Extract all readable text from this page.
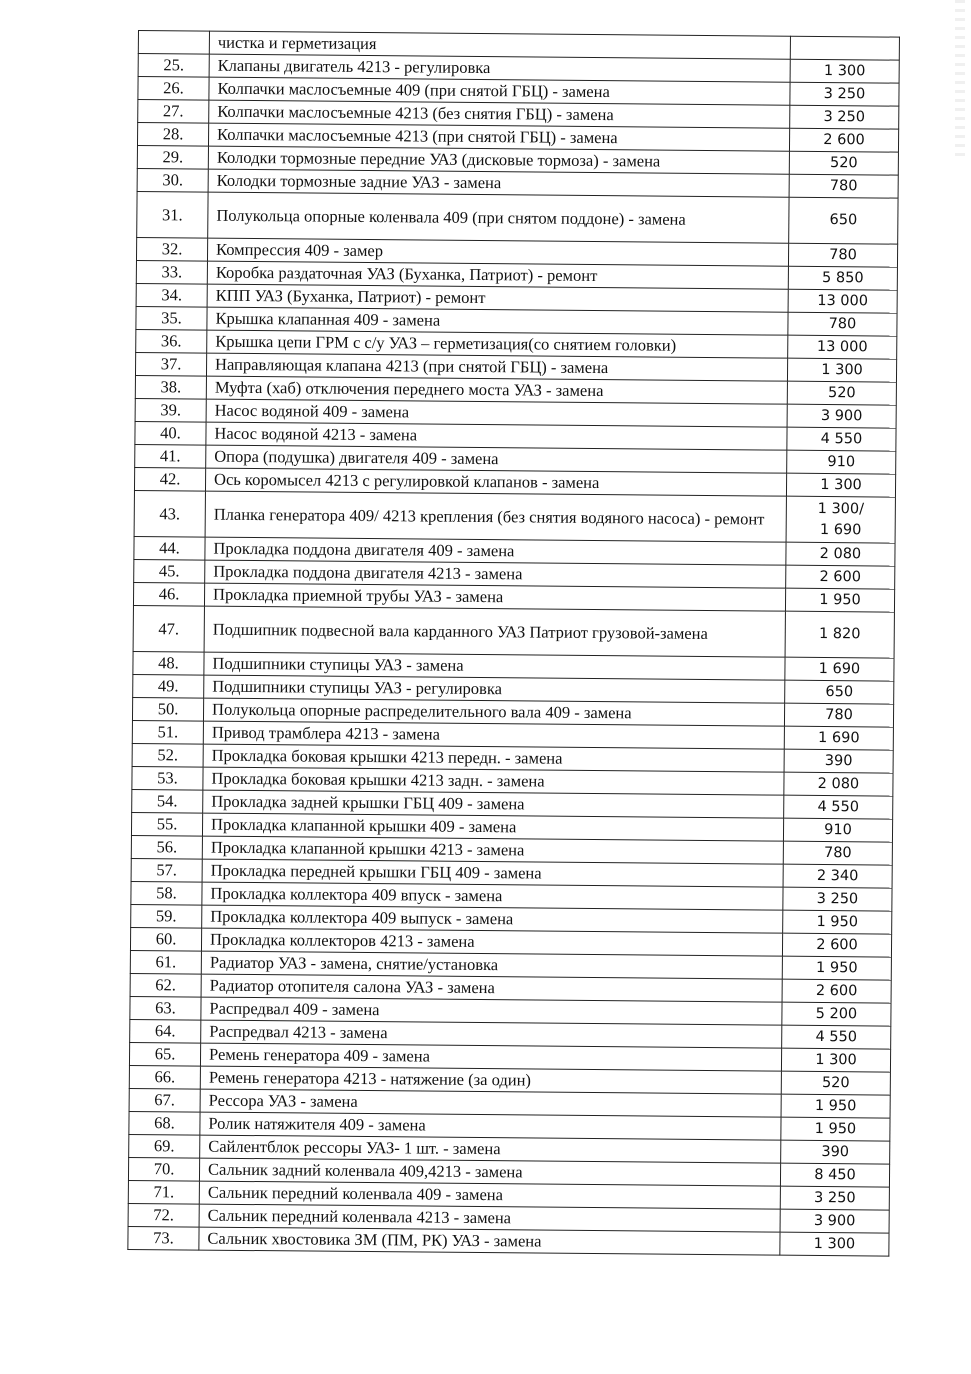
	чистка и герметизация	
25.	Клапаны двигатель 4213 - регулировка	1 300
26.	Колпачки маслосъемные 409 (при снятой ГБЦ) - замена	3 250
27.	Колпачки маслосъемные 4213 (без снятия ГБЦ) - замена	3 250
28.	Колпачки маслосъемные 4213 (при снятой ГБЦ) - замена	2 600
29.	Колодки тормозные передние УАЗ (дисковые тормоза) - замена	520
30.	Колодки тормозные задние УАЗ - замена	780
31.	Полукольца опорные коленвала 409 (при снятом поддоне) - замена	650
32.	Компрессия 409 - замер	780
33.	Коробка раздаточная УАЗ (Буханка, Патриот) - ремонт	5 850
34.	КПП УАЗ (Буханка, Патриот) - ремонт	13 000
35.	Крышка клапанная 409 - замена	780
36.	Крышка цепи ГРМ с с/у УАЗ – герметизация(со снятием головки)	13 000
37.	Направляющая клапана 4213 (при снятой ГБЦ) - замена	1 300
38.	Муфта (хаб) отключения переднего моста УАЗ - замена	520
39.	Насос водяной 409 - замена	3 900
40.	Насос водяной 4213 - замена	4 550
41.	Опора (подушка) двигателя 409 - замена	910
42.	Ось коромысел 4213 с регулировкой клапанов - замена	1 300
43.	Планка генератора 409/ 4213 крепления (без снятия водяного насоса) - ремонт	1 300/
1 690

44.	Прокладка поддона двигателя 409 - замена	2 080
45.	Прокладка поддона двигателя 4213 - замена	2 600
46.	Прокладка приемной трубы УАЗ - замена	1 950
47.	Подшипник подвесной вала карданного УАЗ Патриот грузовой-замена	1 820
48.	Подшипники ступицы УАЗ - замена	1 690
49.	Подшипники ступицы УАЗ - регулировка	650
50.	Полукольца опорные распределительного вала 409 - замена	780
51.	Привод трамблера 4213 - замена	1 690
52.	Прокладка боковая крышки 4213 передн. - замена	390
53.	Прокладка боковая крышки 4213 задн. - замена	2 080
54.	Прокладка задней крышки ГБЦ 409 - замена	4 550
55.	Прокладка клапанной крышки 409 - замена	910
56.	Прокладка клапанной крышки 4213 - замена	780
57.	Прокладка передней крышки ГБЦ 409 - замена	2 340
58.	Прокладка коллектора 409 впуск - замена	3 250
59.	Прокладка коллектора 409 выпуск - замена	1 950
60.	Прокладка коллекторов 4213 - замена	2 600
61.	Радиатор УАЗ - замена, снятие/установка	1 950
62.	Радиатор отопителя салона УАЗ - замена	2 600
63.	Распредвал 409 - замена	5 200
64.	Распредвал 4213 - замена	4 550
65.	Ремень генератора 409 - замена	1 300
66.	Ремень генератора 4213 - натяжение (за один)	520
67.	Рессора УАЗ - замена	1 950
68.	Ролик натяжителя 409 - замена	1 950
69.	Сайлентблок рессоры УАЗ- 1 шт. - замена	390
70.	Сальник задний коленвала 409,4213 - замена	8 450
71.	Сальник передний коленвала 409 - замена	3 250
72.	Сальник передний коленвала 4213 - замена	3 900
73.	Сальник хвостовика ЗМ (ПМ, РК) УАЗ - замена	1 300
